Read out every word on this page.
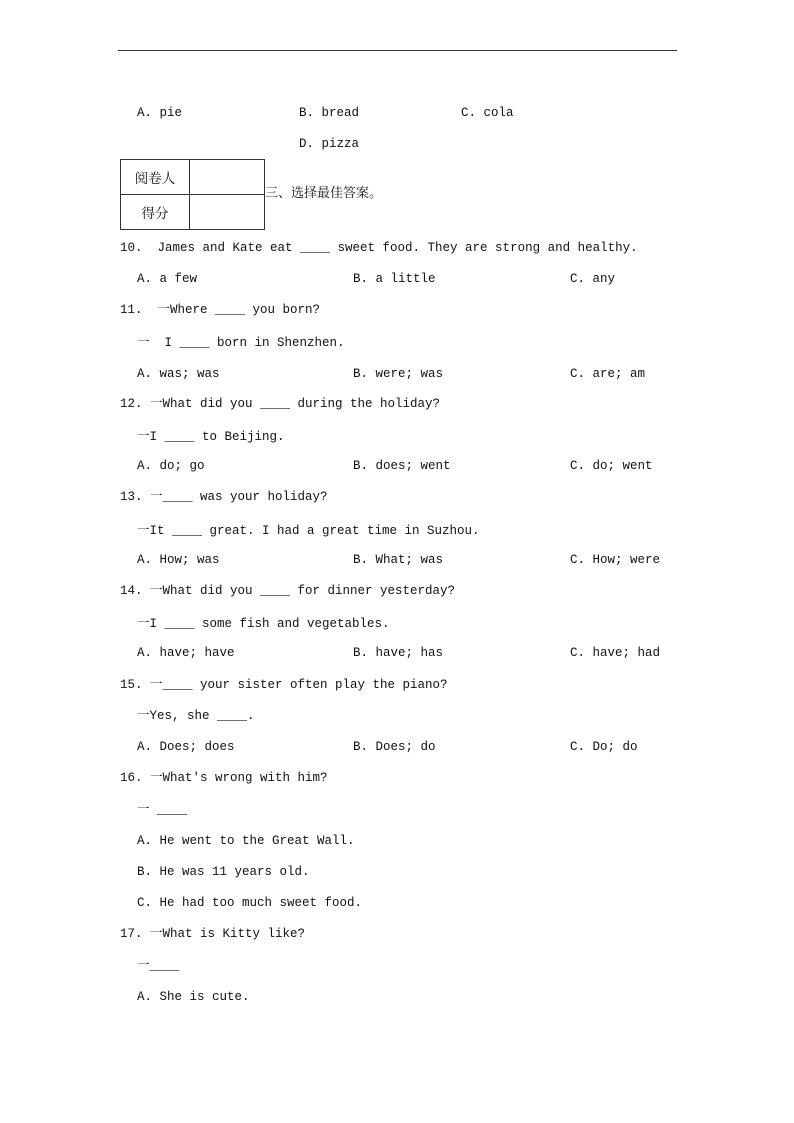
A. pie	B. bread	C. cola
D. pizza
阅卷人	
得分	
三、选择最佳答案。
10.  James and Kate eat ____ sweet food. They are strong and healthy.
A. a few	B. a little	C. any
11.  一Where ____ you born?
一  I ____ born in Shenzhen.
A. was; was	B. were; was	C. are; am
12. 一What did you ____ during the holiday?
一I ____ to Beijing.
A. do; go	B. does; went	C. do; went
13. 一____ was your holiday?
一It ____ great. I had a great time in Suzhou.
A. How; was	B. What; was	C. How; were
14. 一What did you ____ for dinner yesterday?
一I ____ some fish and vegetables.
A. have; have	B. have; has	C. have; had
15. 一____ your sister often play the piano?
一Yes, she ____.
A. Does; does	B. Does; do	C. Do; do
16. 一What's wrong with him?
一 ____
A. He went to the Great Wall.
B. He was 11 years old.
C. He had too much sweet food.
17. 一What is Kitty like?
一____
A. She is cute.
